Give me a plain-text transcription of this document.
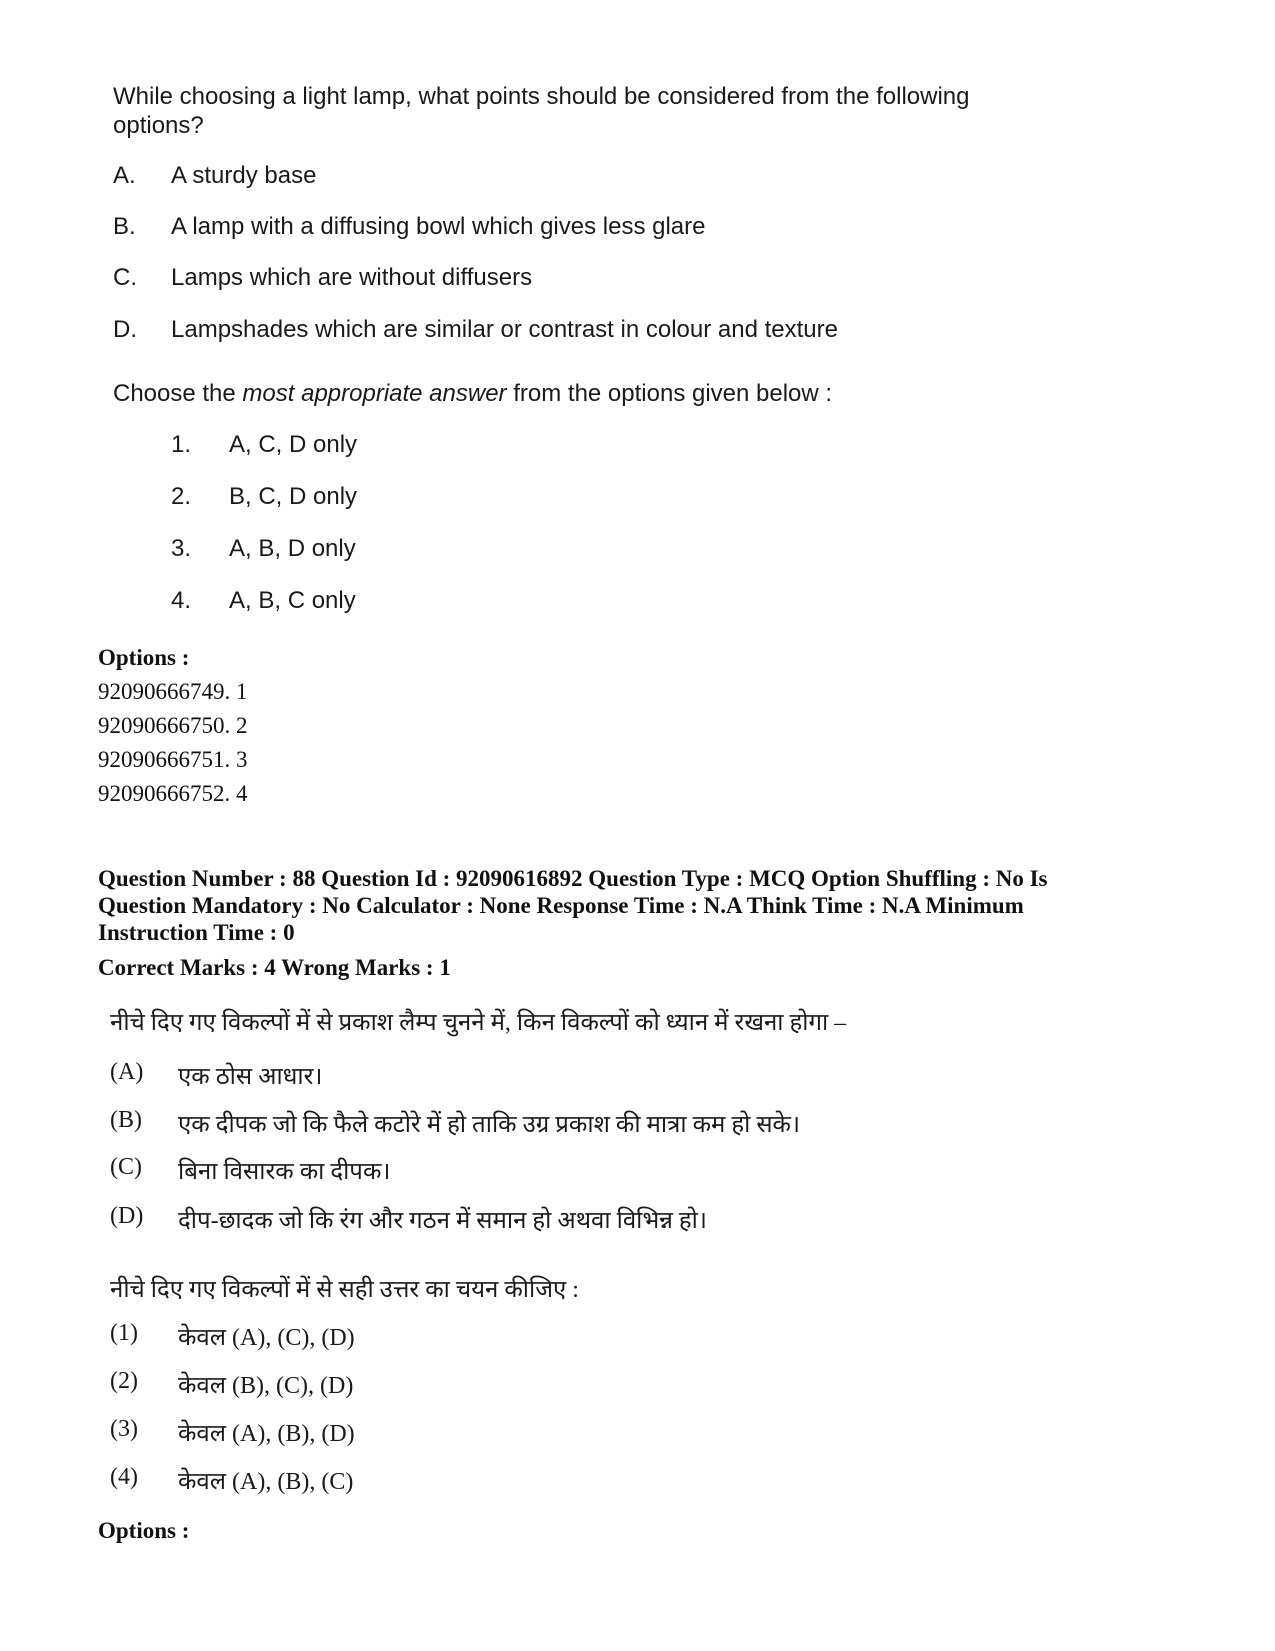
While choosing a light lamp, what points should be considered from the following options?
A. A sturdy base
B. A lamp with a diffusing bowl which gives less glare
C. Lamps which are without diffusers
D. Lampshades which are similar or contrast in colour and texture
Choose the most appropriate answer from the options given below :
1. A, C, D only
2. B, C, D only
3. A, B, D only
4. A, B, C only
Options :
92090666749. 1
92090666750. 2
92090666751. 3
92090666752. 4
Question Number : 88 Question Id : 92090616892 Question Type : MCQ Option Shuffling : No Is
Question Mandatory : No Calculator : None Response Time : N.A Think Time : N.A Minimum
Instruction Time : 0
Correct Marks : 4 Wrong Marks : 1
नीचे दिए गए विकल्पों में से प्रकाश लैम्प चुनने में, किन विकल्पों को ध्यान में रखना होगा –
(A) एक ठोस आधार।
(B) एक दीपक जो कि फैले कटोरे में हो ताकि उग्र प्रकाश की मात्रा कम हो सके।
(C) बिना विसारक का दीपक।
(D) दीप-छादक जो कि रंग और गठन में समान हो अथवा विभिन्न हो।
नीचे दिए गए विकल्पों में से सही उत्तर का चयन कीजिए :
(1) केवल (A), (C), (D)
(2) केवल (B), (C), (D)
(3) केवल (A), (B), (D)
(4) केवल (A), (B), (C)
Options :
